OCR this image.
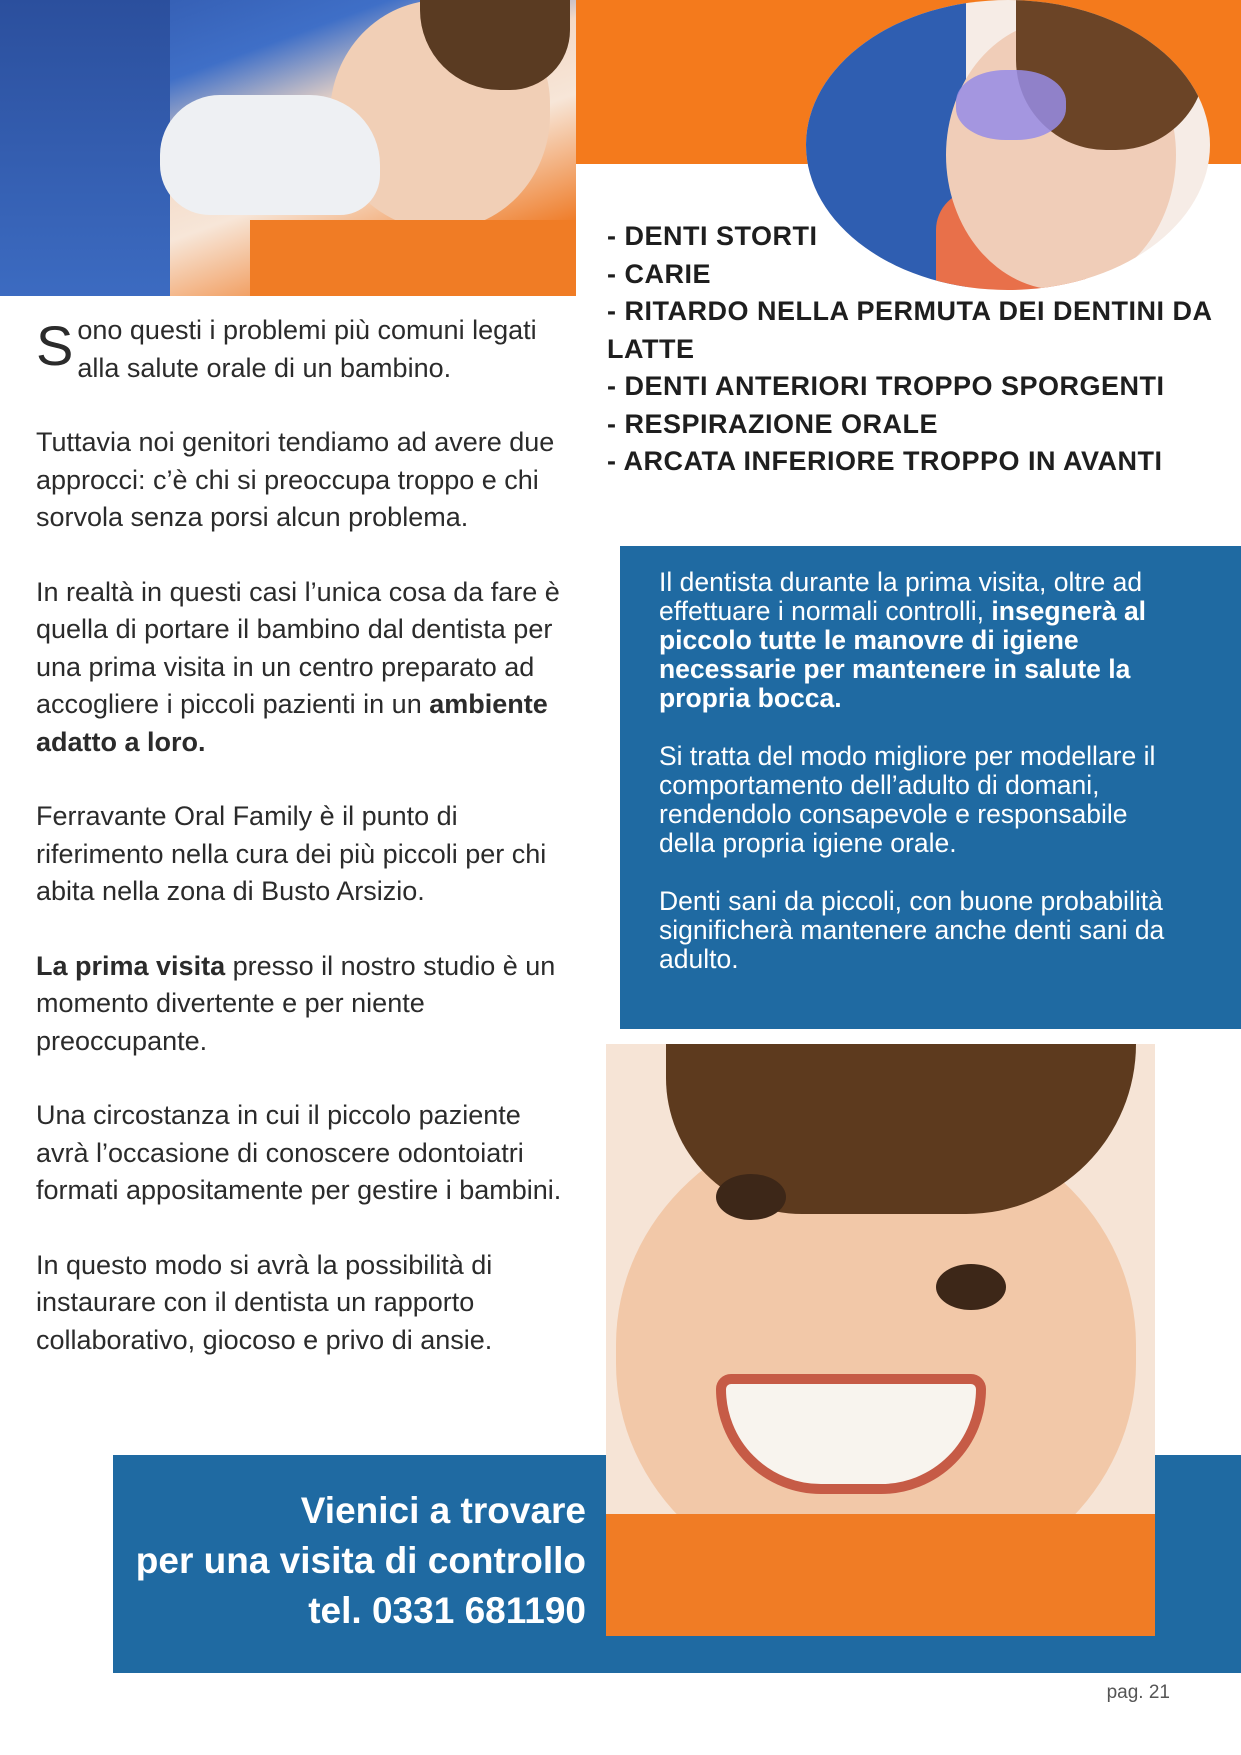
- DENTI STORTI
- CARIE
- RITARDO NELLA PERMUTA DEI DENTINI DA LATTE
- DENTI ANTERIORI TROPPO SPORGENTI
- RESPIRAZIONE ORALE
- ARCATA INFERIORE TROPPO IN AVANTI

Sono questi i problemi più comuni legati alla salute orale di un bambino.

Tuttavia noi genitori tendiamo ad avere due approcci: c’è chi si preoccupa troppo e chi sorvola senza porsi alcun problema.

In realtà in questi casi l’unica cosa da fare è quella di portare il bambino dal dentista per una prima visita in un centro preparato ad accogliere i piccoli pazienti in un ambiente adatto a loro.

Ferravante Oral Family è il punto di riferimento nella cura dei più piccoli per chi abita nella zona di Busto Arsizio.

La prima visita presso il nostro studio è un momento divertente e per niente preoccupante.

Una circostanza in cui il piccolo paziente avrà l’occasione di conoscere odontoiatri formati appositamente per gestire i bambini.

In questo modo si avrà la possibilità di instaurare con il dentista un rapporto collaborativo, giocoso e privo di ansie.

Il dentista durante la prima visita, oltre ad effettuare i normali controlli, insegnerà al piccolo tutte le manovre di igiene necessarie per mantenere in salute la propria bocca.

Si tratta del modo migliore per modellare il comportamento dell’adulto di domani, rendendolo consapevole e responsabile della propria igiene orale.

Denti sani da piccoli, con buone probabilità significherà mantenere anche denti sani da adulto.

Vienici a trovare
per una visita di controllo
tel. 0331 681190
pag. 21
